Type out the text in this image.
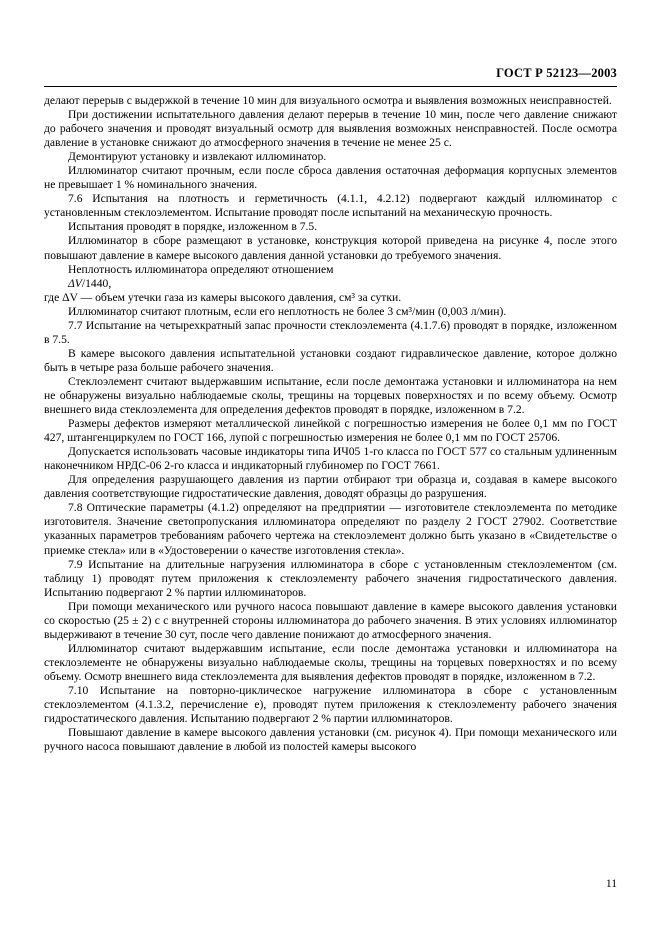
ГОСТ Р 52123—2003

делают перерыв с выдержкой в течение 10 мин для визуального осмотра и выявления возможных неисправностей.

При достижении испытательного давления делают перерыв в течение 10 мин, после чего давление снижают до рабочего значения и проводят визуальный осмотр для выявления возможных неисправностей. После осмотра давление в установке снижают до атмосферного значения в течение не менее 25 с.

Демонтируют установку и извлекают иллюминатор.

Иллюминатор считают прочным, если после сброса давления остаточная деформация корпусных элементов не превышает 1 % номинального значения.

7.6 Испытания на плотность и герметичность (4.1.1, 4.2.12) подвергают каждый иллюминатор с установленным стеклоэлементом. Испытание проводят после испытаний на механическую прочность.

Испытания проводят в порядке, изложенном в 7.5.

Иллюминатор в сборе размещают в установке, конструкция которой приведена на рисунке 4, после этого повышают давление в камере высокого давления данной установки до требуемого значения.

Неплотность иллюминатора определяют отношением

ΔV/1440,

где ΔV — объем утечки газа из камеры высокого давления, см³ за сутки.

Иллюминатор считают плотным, если его неплотность не более 3 см³/мин (0,003 л/мин).

7.7 Испытание на четырехкратный запас прочности стеклоэлемента (4.1.7.6) проводят в порядке, изложенном в 7.5.

В камере высокого давления испытательной установки создают гидравлическое давление, которое должно быть в четыре раза больше рабочего значения.

Стеклоэлемент считают выдержавшим испытание, если после демонтажа установки и иллюминатора на нем не обнаружены визуально наблюдаемые сколы, трещины на торцевых поверхностях и по всему объему. Осмотр внешнего вида стеклоэлемента для определения дефектов проводят в порядке, изложенном в 7.2.

Размеры дефектов измеряют металлической линейкой с погрешностью измерения не более 0,1 мм по ГОСТ 427, штангенциркулем по ГОСТ 166, лупой с погрешностью измерения не более 0,1 мм по ГОСТ 25706.

Допускается использовать часовые индикаторы типа ИЧ05 1-го класса по ГОСТ 577 со стальным удлиненным наконечником НРДС-06 2-го класса и индикаторный глубиномер по ГОСТ 7661.

Для определения разрушающего давления из партии отбирают три образца и, создавая в камере высокого давления соответствующие гидростатические давления, доводят образцы до разрушения.

7.8 Оптические параметры (4.1.2) определяют на предприятии — изготовителе стеклоэлемента по методике изготовителя. Значение светопропускания иллюминатора определяют по разделу 2 ГОСТ 27902. Соответствие указанных параметров требованиям рабочего чертежа на стеклоэлемент должно быть указано в «Свидетельстве о приемке стекла» или в «Удостоверении о качестве изготовления стекла».

7.9 Испытание на длительные нагрузения иллюминатора в сборе с установленным стеклоэлементом (см. таблицу 1) проводят путем приложения к стеклоэлементу рабочего значения гидростатического давления. Испытанию подвергают 2 % партии иллюминаторов.

При помощи механического или ручного насоса повышают давление в камере высокого давления установки со скоростью (25 ± 2) с с внутренней стороны иллюминатора до рабочего значения. В этих условиях иллюминатор выдерживают в течение 30 сут, после чего давление понижают до атмосферного значения.

Иллюминатор считают выдержавшим испытание, если после демонтажа установки и иллюминатора на стеклоэлементе не обнаружены визуально наблюдаемые сколы, трещины на торцевых поверхностях и по всему объему. Осмотр внешнего вида стеклоэлемента для выявления дефектов проводят в порядке, изложенном в 7.2.

7.10 Испытание на повторно-циклическое нагружение иллюминатора в сборе с установленным стеклоэлементом (4.1.3.2, перечисление е), проводят путем приложения к стеклоэлементу рабочего значения гидростатического давления. Испытанию подвергают 2 % партии иллюминаторов.

Повышают давление в камере высокого давления установки (см. рисунок 4). При помощи механического или ручного насоса повышают давление в любой из полостей камеры высокого

11
